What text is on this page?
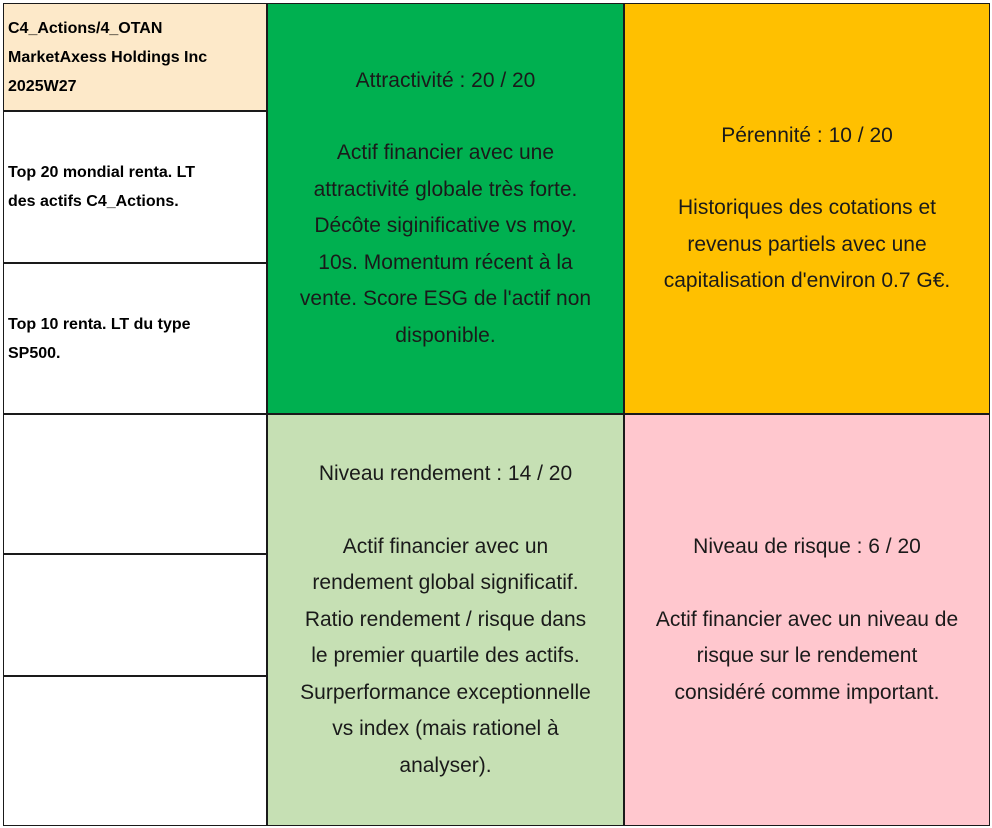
C4_Actions/4_OTAN
MarketAxess Holdings Inc
2025W27
Top 20 mondial renta. LT
des actifs C4_Actions.
Top 10 renta. LT du type
SP500.
Attractivité : 20 / 20
Actif financier avec une
attractivité globale très forte.
Décôte siginificative vs moy.
10s. Momentum récent à la
vente. Score ESG de l'actif non
disponible.
Pérennité : 10 / 20
Historiques des cotations et
revenus partiels avec une
capitalisation d'environ 0.7 G€.
Niveau rendement : 14 / 20
Actif financier avec un
rendement global significatif.
Ratio rendement / risque dans
le premier quartile des actifs.
Surperformance exceptionnelle
vs index (mais rationel à
analyser).
Niveau de risque : 6 / 20
Actif financier avec un niveau de
risque sur le rendement
considéré comme important.
